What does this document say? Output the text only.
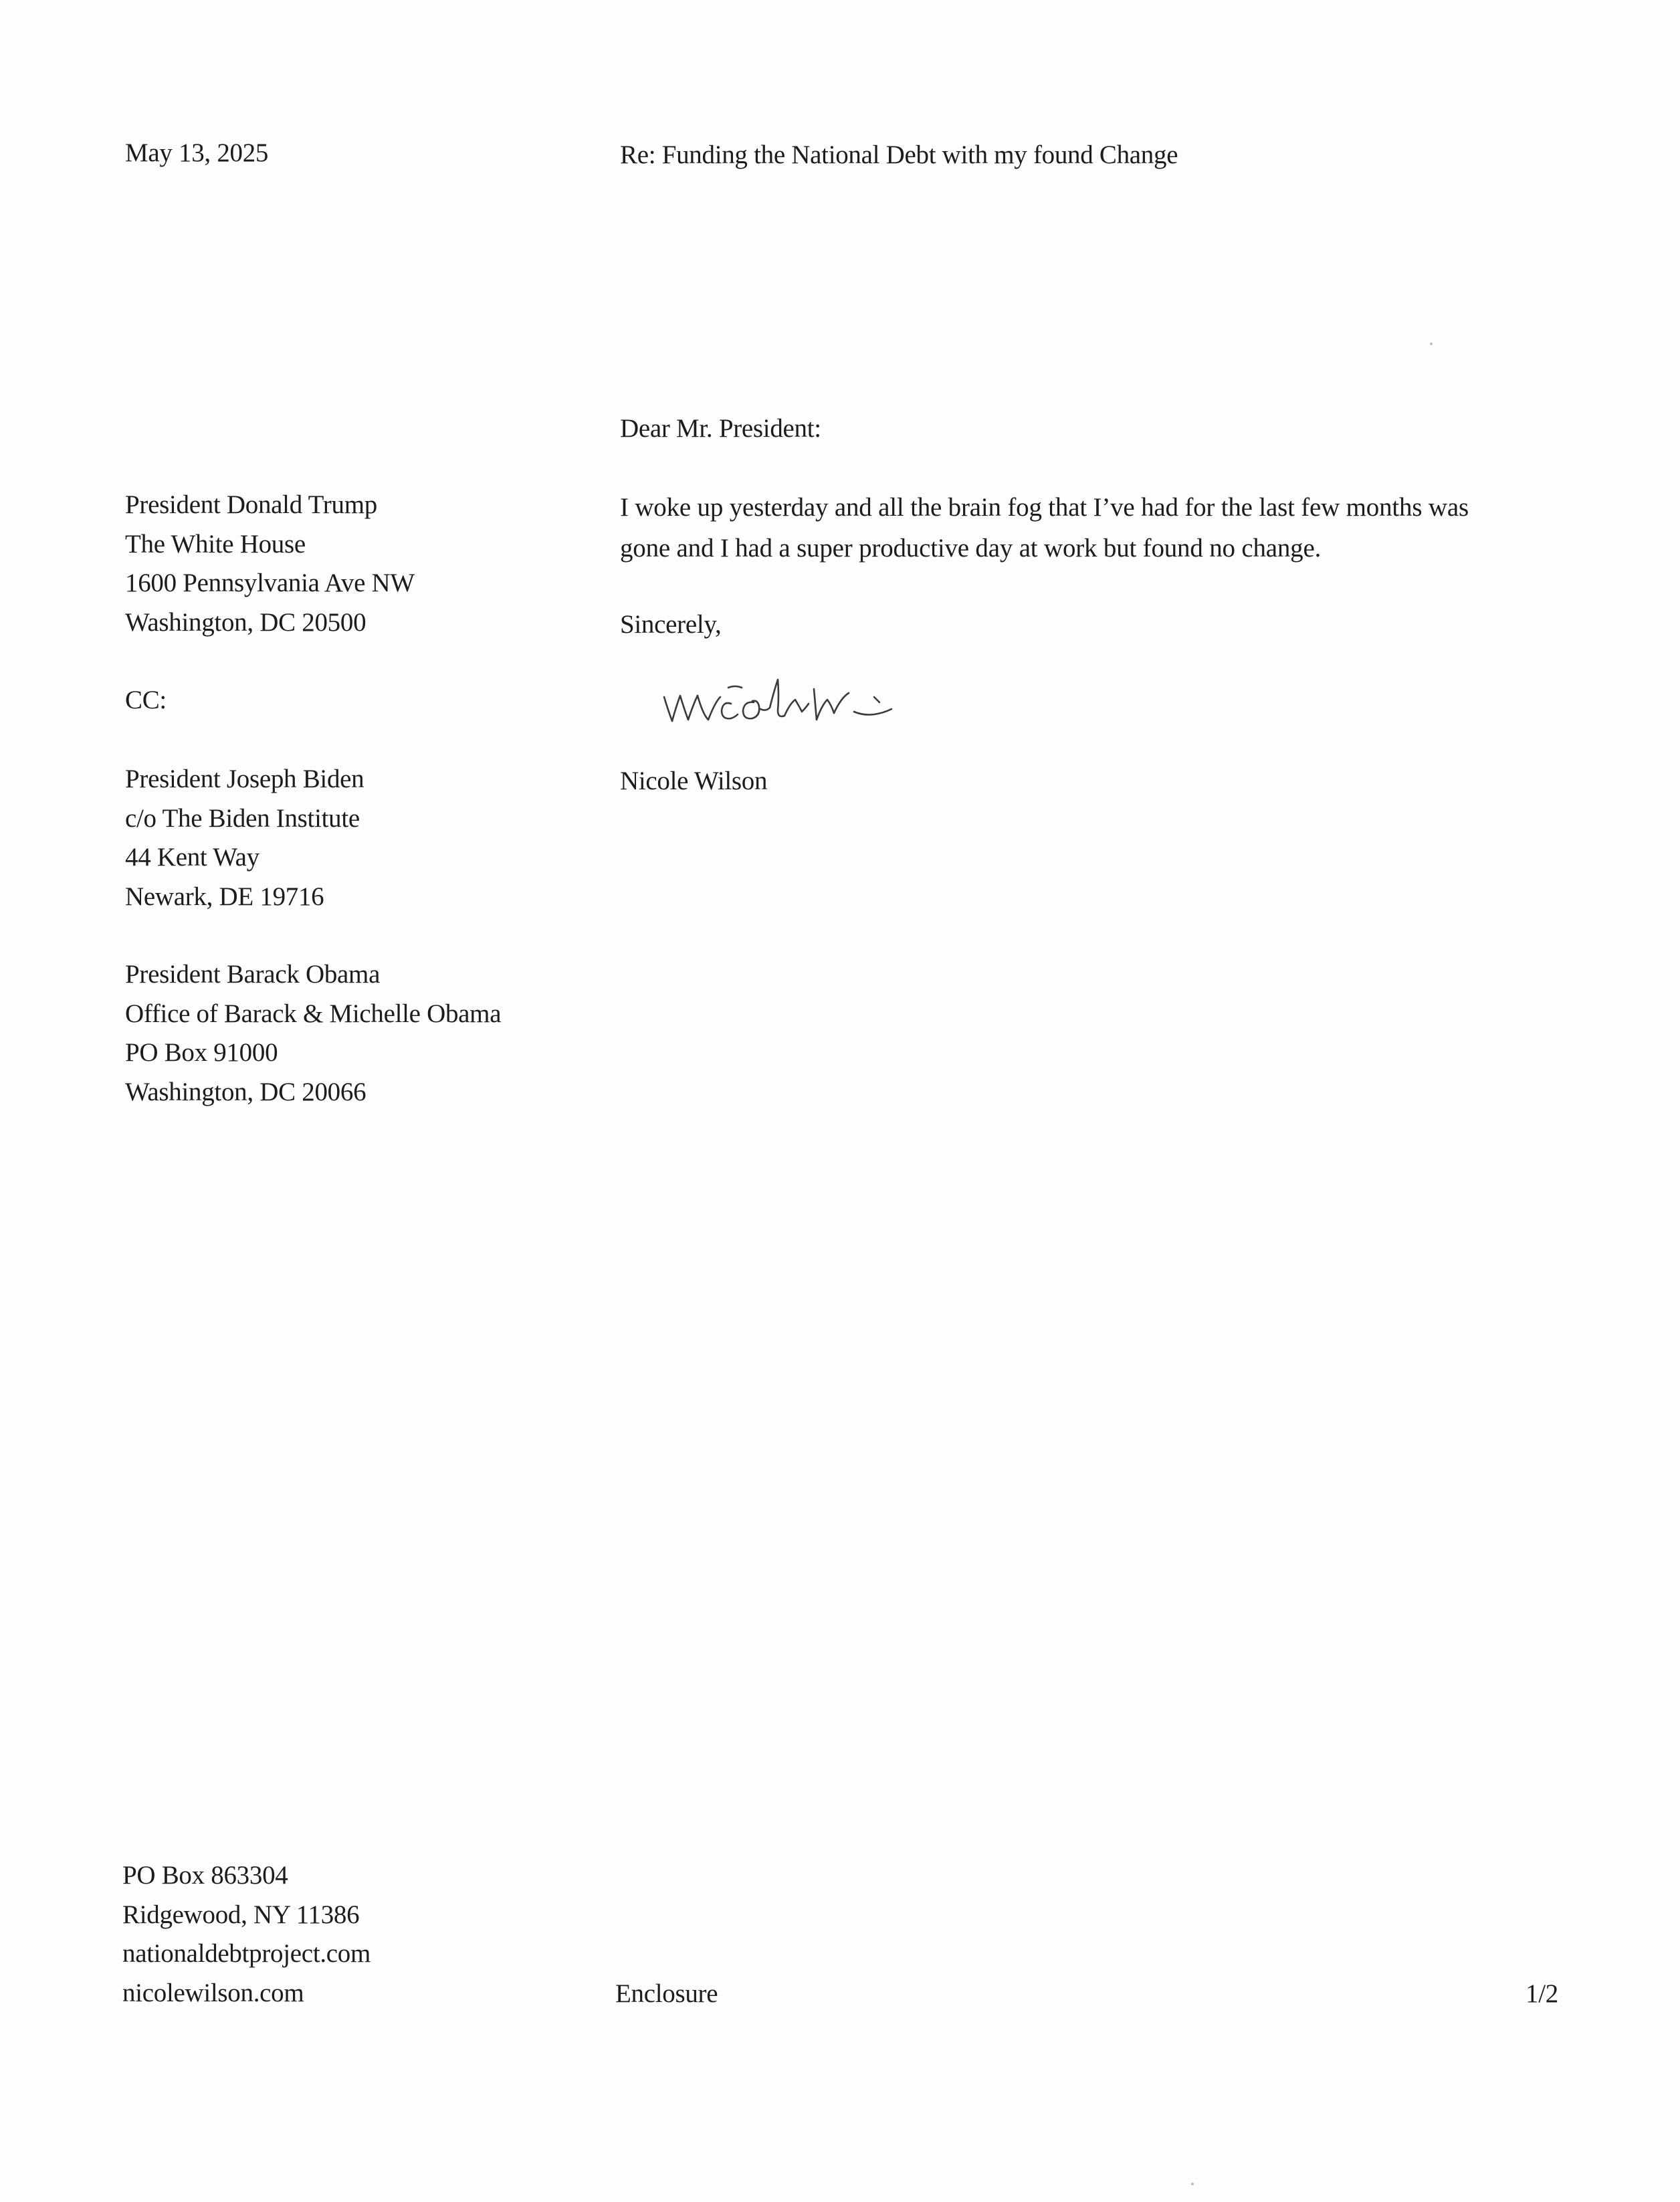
May 13, 2025	Re: Funding the National Debt with my found Change
Dear Mr. President:
President Donald Trump
The White House
1600 Pennsylvania Ave NW
Washington, DC 20500
I woke up yesterday and all the brain fog that I’ve had for the last few months was
gone and I had a super productive day at work but found no change.
Sincerely,
Nicole Wilson
CC:
President Joseph Biden
c/o The Biden Institute
44 Kent Way
Newark, DE 19716
President Barack Obama
Office of Barack & Michelle Obama
PO Box 91000
Washington, DC 20066
PO Box 863304
Ridgewood, NY 11386
nationaldebtproject.com
nicolewilson.com	Enclosure	1/2
